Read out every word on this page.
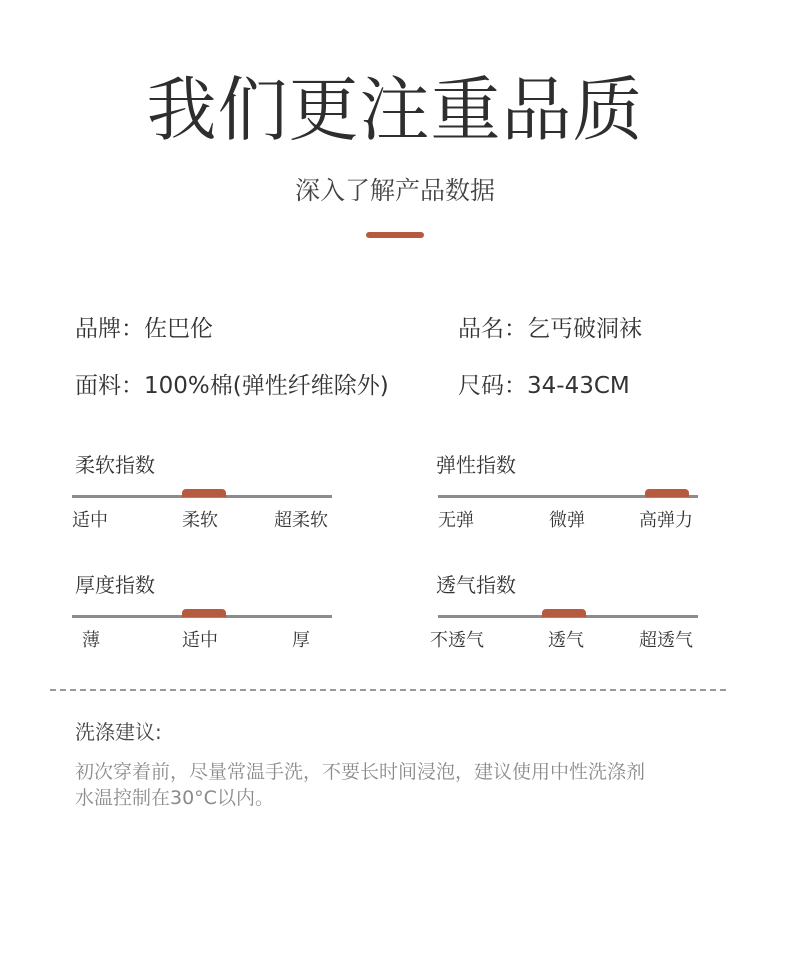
我们更注重品质
深入了解产品数据
品牌：佐巴伦	品名：乞丐破洞袜
面料：100%棉(弹性纤维除外)	尺码：34-43CM
柔软指数
适中	柔软	超柔软
弹性指数
无弹	微弹	高弹力
厚度指数
薄	适中	厚
透气指数
不透气	透气	超透气
洗涤建议:
初次穿着前，尽量常温手洗，不要长时间浸泡，建议使用中性洗涤剂
水温控制在30°C以内。
